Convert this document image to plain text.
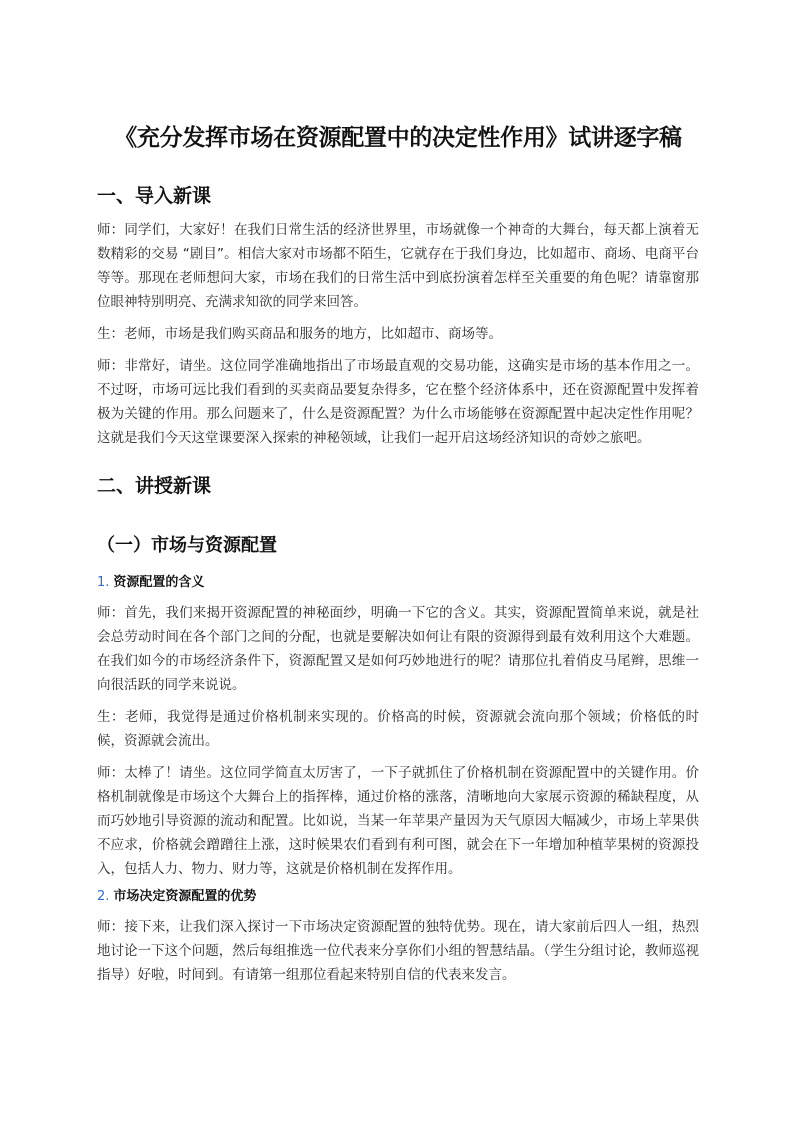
《充分发挥市场在资源配置中的决定性作用》试讲逐字稿
一、导入新课

师：同学们，大家好！在我们日常生活的经济世界里，市场就像一个神奇的大舞台，每天都上演着无数精彩的交易 “剧目”。相信大家对市场都不陌生，它就存在于我们身边，比如超市、商场、电商平台等等。那现在老师想问大家，市场在我们的日常生活中到底扮演着怎样至关重要的角色呢？请靠窗那位眼神特别明亮、充满求知欲的同学来回答。

生：老师，市场是我们购买商品和服务的地方，比如超市、商场等。

师：非常好，请坐。这位同学准确地指出了市场最直观的交易功能，这确实是市场的基本作用之一。不过呀，市场可远比我们看到的买卖商品要复杂得多，它在整个经济体系中，还在资源配置中发挥着极为关键的作用。那么问题来了，什么是资源配置？为什么市场能够在资源配置中起决定性作用呢？这就是我们今天这堂课要深入探索的神秘领域，让我们一起开启这场经济知识的奇妙之旅吧。

二、讲授新课
（一）市场与资源配置
1. 资源配置的含义

师：首先，我们来揭开资源配置的神秘面纱，明确一下它的含义。其实，资源配置简单来说，就是社会总劳动时间在各个部门之间的分配，也就是要解决如何让有限的资源得到最有效利用这个大难题。在我们如今的市场经济条件下，资源配置又是如何巧妙地进行的呢？请那位扎着俏皮马尾辫，思维一向很活跃的同学来说说。

生：老师，我觉得是通过价格机制来实现的。价格高的时候，资源就会流向那个领域；价格低的时候，资源就会流出。

师：太棒了！请坐。这位同学简直太厉害了，一下子就抓住了价格机制在资源配置中的关键作用。价格机制就像是市场这个大舞台上的指挥棒，通过价格的涨落，清晰地向大家展示资源的稀缺程度，从而巧妙地引导资源的流动和配置。比如说，当某一年苹果产量因为天气原因大幅减少，市场上苹果供不应求，价格就会蹭蹭往上涨，这时候果农们看到有利可图，就会在下一年增加种植苹果树的资源投入，包括人力、物力、财力等，这就是价格机制在发挥作用。

2. 市场决定资源配置的优势

师：接下来，让我们深入探讨一下市场决定资源配置的独特优势。现在，请大家前后四人一组，热烈地讨论一下这个问题，然后每组推选一位代表来分享你们小组的智慧结晶。（学生分组讨论，教师巡视指导）好啦，时间到。有请第一组那位看起来特别自信的代表来发言。
